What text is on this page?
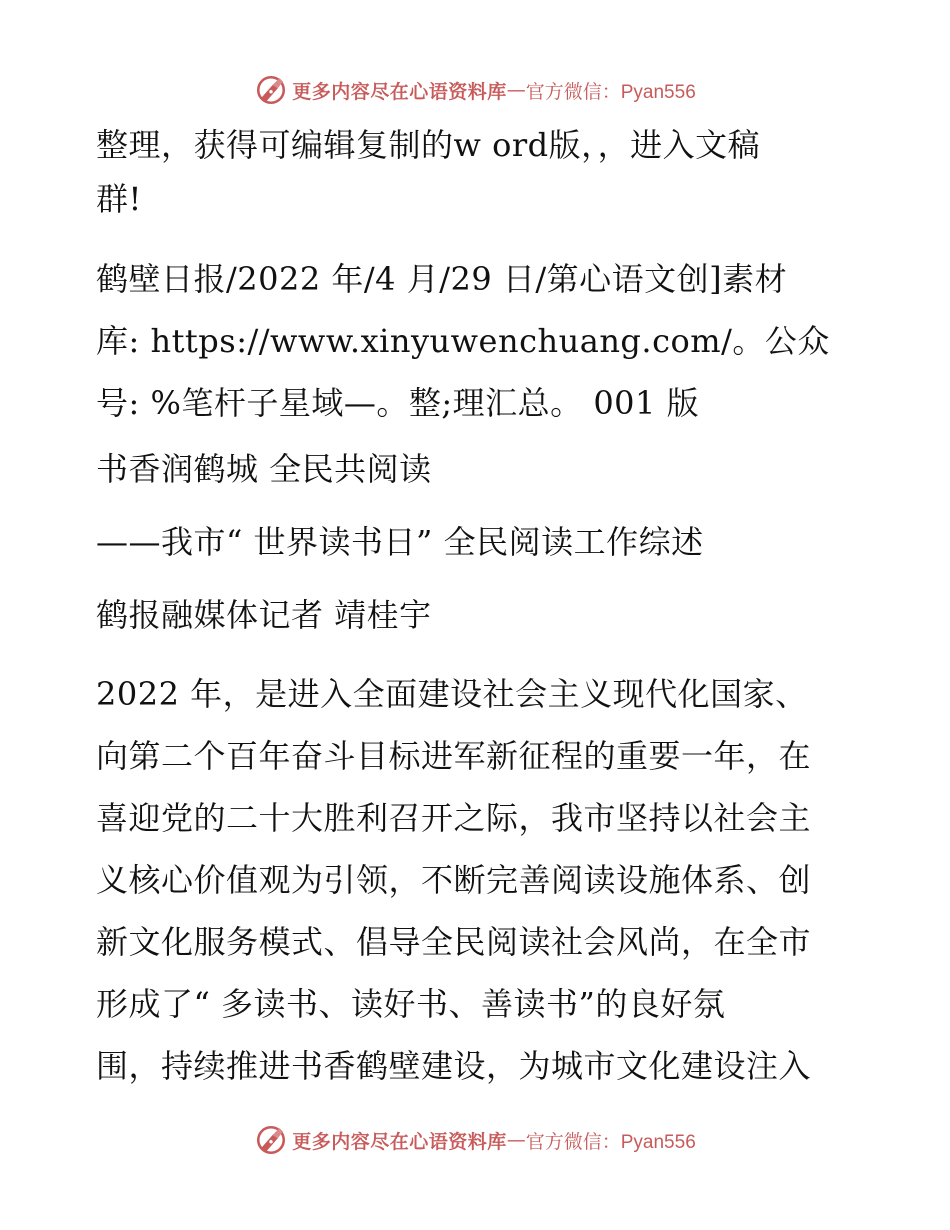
更多内容尽在心语资料库 — 官方微信：Pyan556
整理，获得可编辑复制的w ord版，，进入文稿
群!
鹤壁日报/2022 年/4 月/29 日/第心语文创]素材
库: https://www.xinyuwenchuang.com/。公众
号: %笔杆子星域—。整;理汇总。 001 版
书香润鹤城 全民共阅读
——我市“ 世界读书日” 全民阅读工作综述
鹤报融媒体记者 靖桂宇
2022 年，是进入全面建设社会主义现代化国家、
向第二个百年奋斗目标进军新征程的重要一年，在
喜迎党的二十大胜利召开之际，我市坚持以社会主
义核心价值观为引领，不断完善阅读设施体系、创
新文化服务模式、倡导全民阅读社会风尚，在全市
形成了“ 多读书、读好书、善读书”的良好氛
围，持续推进书香鹤壁建设，为城市文化建设注入
更多内容尽在心语资料库 — 官方微信：Pyan556
